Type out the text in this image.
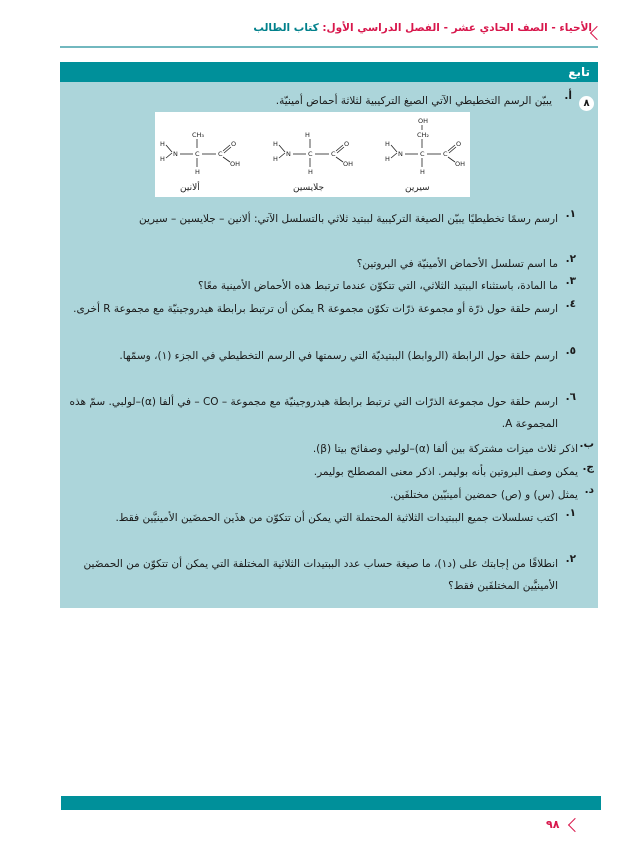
الأحياء - الصف الحادي عشر - الفصل الدراسي الأول: كتاب الطالب
تابع
٨
أ.
يبيّن الرسم التخطيطي الآتي الصيغ التركيبية لثلاثة أحماض أمينيّة.
١.
ارسم رسمًا تخطيطيًا يبيّن الصيغة التركيبية لببتيد ثلاثي بالتسلسل الآتي: ألانين – جلايسين – سيرين
٢.
ما اسم تسلسل الأحماض الأمينيّة في البروتين؟
٣.
ما المادة، باستثناء الببتيد الثلاثي، التي تتكوّن عندما ترتبط هذه الأحماض الأمينية معًا؟
٤.
ارسم حلقة حول ذرّة أو مجموعة ذرّات تكوّن مجموعة R يمكن أن ترتبط برابطة هيدروجينيّة مع مجموعة R أخرى.
٥.
ارسم حلقة حول الرابطة (الروابط) الببتيديّة التي رسمتها في الرسم التخطيطي في الجزء (١)، وسمّها.
٦.
ارسم حلقة حول مجموعة الذرّات التي ترتبط برابطة هيدروجينيّة مع مجموعة – CO – في ألفا (α)–لولبي. سمّ هذه المجموعة A.
ب.
اذكر ثلاث ميزات مشتركة بين ألفا (α)–لولبي وصفائح بيتا (β).
ج.
يمكن وصف البروتين بأنه بوليمر. اذكر معنى المصطلح بوليمر.
د.
يمثل (س) و (ص) حمضين أمينيّين مختلفَين.
١.
اكتب تسلسلات جميع الببتيدات الثلاثية المحتملة التي يمكن أن تتكوّن من هذَين الحمضَين الأمينيَّين فقط.
٢.
انطلاقًا من إجابتك على (د١)، ما صيغة حساب عدد الببتيدات الثلاثية المختلفة التي يمكن أن تتكوّن من الحمضَين الأمينيَّين المختلفَين فقط؟
H
H
N	C
H
CH₃
C
O
OH
ألانين
H
H
N	C
H
H
C
O
OH
جلايسين
H
H
N	C
H
CH₂
OH
C
O
OH
سيرين
٩٨
